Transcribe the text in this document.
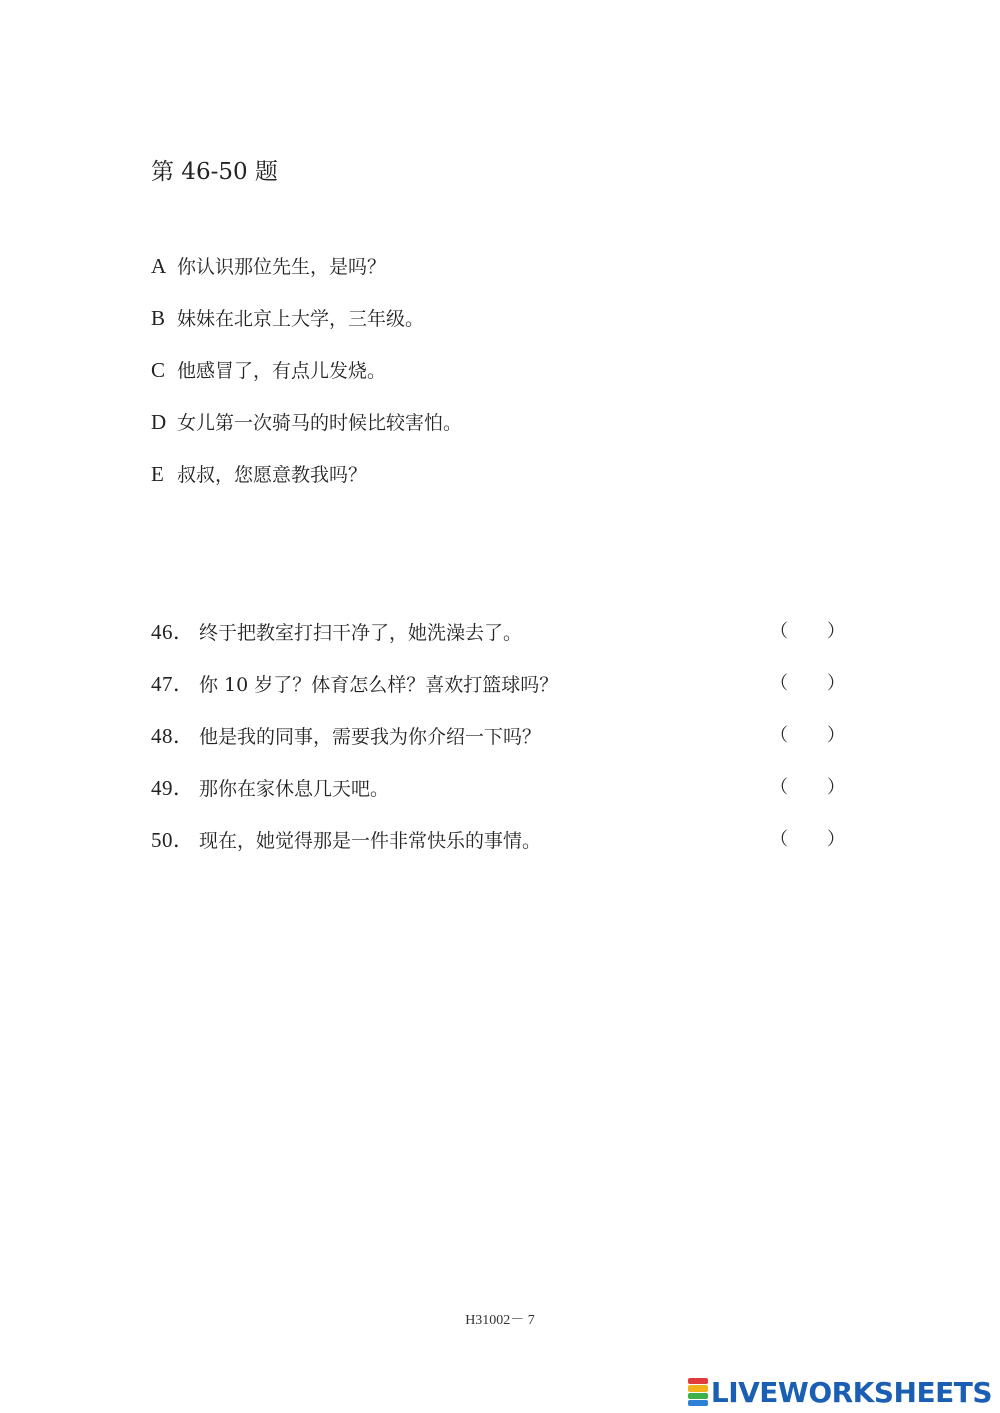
第 46-50 题
A 你认识那位先生，是吗？
B 妹妹在北京上大学，三年级。
C 他感冒了，有点儿发烧。
D 女儿第一次骑马的时候比较害怕。
E 叔叔，您愿意教我吗？
46． 终于把教室打扫干净了，她洗澡去了。	（ ）
47． 你 10 岁了？体育怎么样？喜欢打篮球吗？	（ ）
48． 他是我的同事，需要我为你介绍一下吗？	（ ）
49． 那你在家休息几天吧。	（ ）
50． 现在，她觉得那是一件非常快乐的事情。	（ ）
H31002－ 7
LIVEWORKSHEETS
